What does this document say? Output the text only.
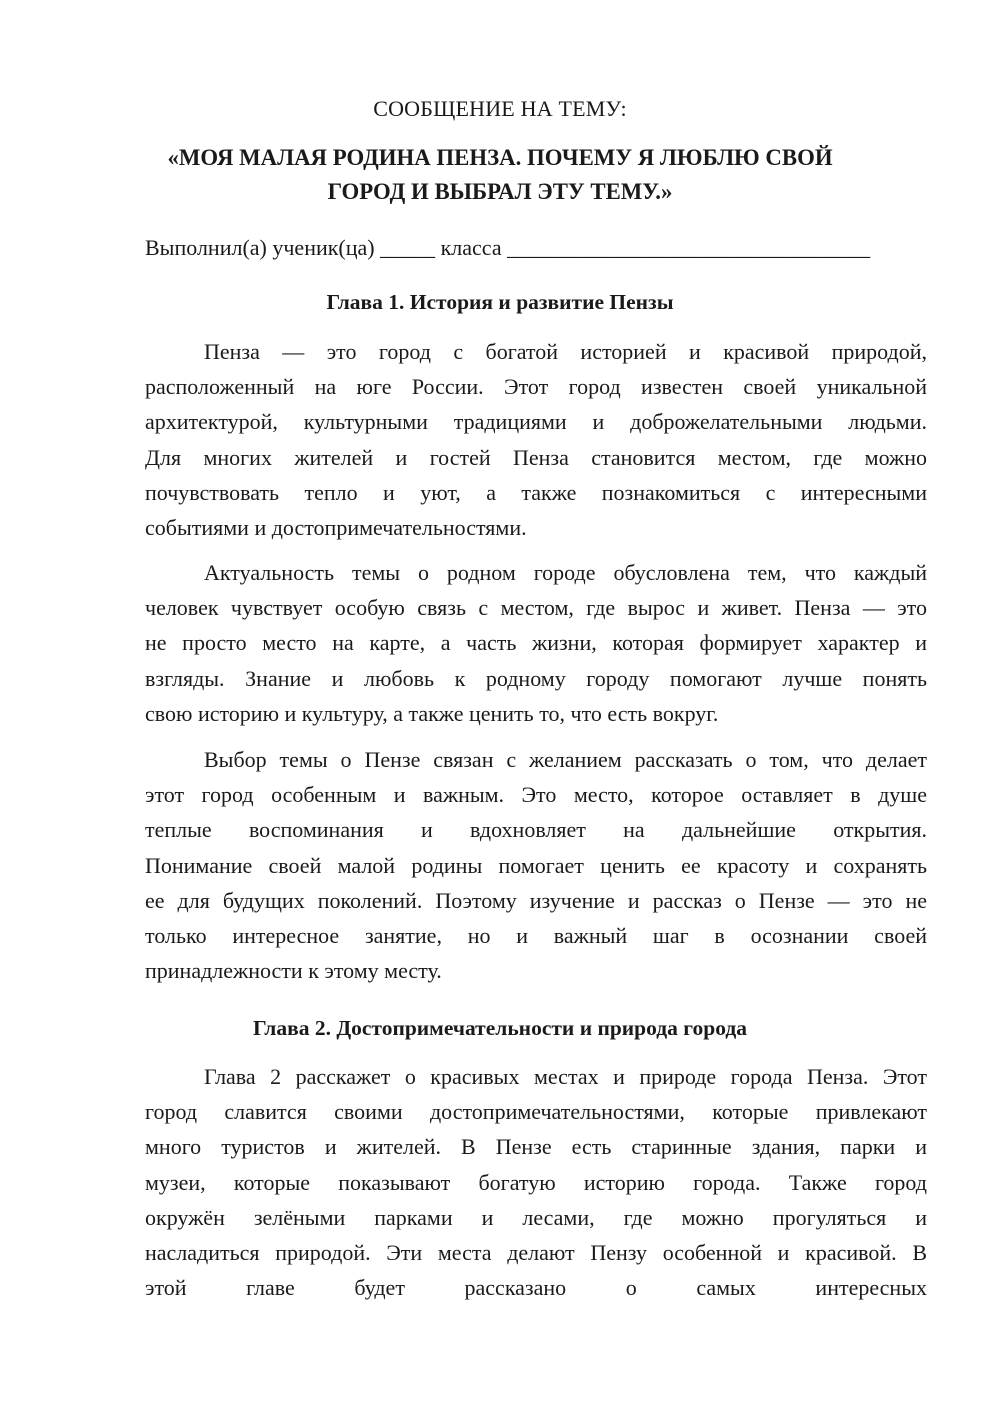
СООБЩЕНИЕ НА ТЕМУ:
«МОЯ МАЛАЯ РОДИНА ПЕНЗА. ПОЧЕМУ Я ЛЮБЛЮ СВОЙ
ГОРОД И ВЫБРАЛ ЭТУ ТЕМУ.»
Выполнил(а) ученик(ца) _____ класса _________________________________
Глава 1. История и развитие Пензы
Пенза — это город с богатой историей и красивой природой,
расположенный на юге России. Этот город известен своей уникальной
архитектурой, культурными традициями и доброжелательными людьми.
Для многих жителей и гостей Пенза становится местом, где можно
почувствовать тепло и уют, а также познакомиться с интересными
событиями и достопримечательностями.
Актуальность темы о родном городе обусловлена тем, что каждый
человек чувствует особую связь с местом, где вырос и живет. Пенза — это
не просто место на карте, а часть жизни, которая формирует характер и
взгляды. Знание и любовь к родному городу помогают лучше понять
свою историю и культуру, а также ценить то, что есть вокруг.
Выбор темы о Пензе связан с желанием рассказать о том, что делает
этот город особенным и важным. Это место, которое оставляет в душе
теплые воспоминания и вдохновляет на дальнейшие открытия.
Понимание своей малой родины помогает ценить ее красоту и сохранять
ее для будущих поколений. Поэтому изучение и рассказ о Пензе — это не
только интересное занятие, но и важный шаг в осознании своей
принадлежности к этому месту.
Глава 2. Достопримечательности и природа города
Глава 2 расскажет о красивых местах и природе города Пенза. Этот
город славится своими достопримечательностями, которые привлекают
много туристов и жителей. В Пензе есть старинные здания, парки и
музеи, которые показывают богатую историю города. Также город
окружён зелёными парками и лесами, где можно прогуляться и
насладиться природой. Эти места делают Пензу особенной и красивой. В
этой главе будет рассказано о самых интересных
